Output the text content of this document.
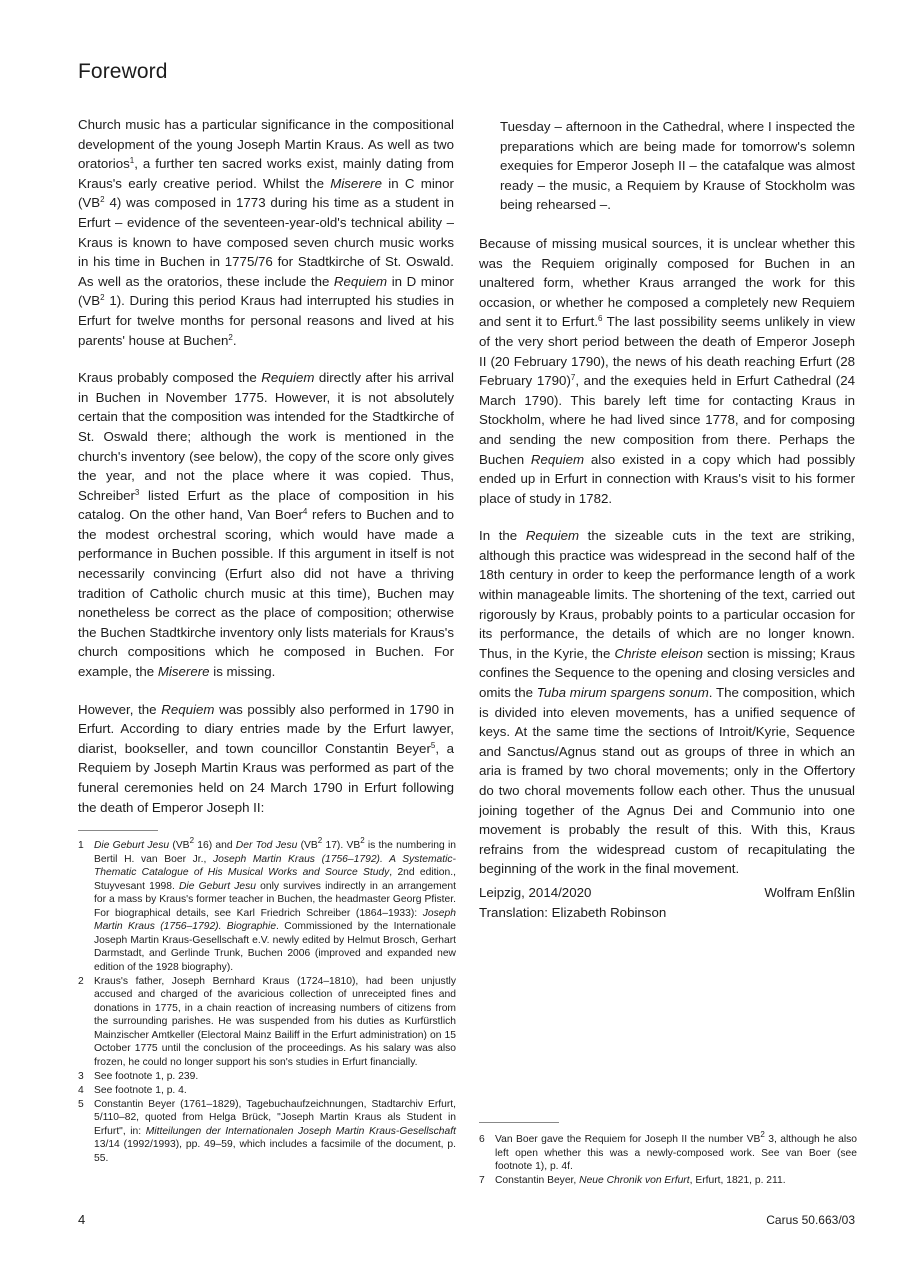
Foreword

Church music has a particular significance in the compositional development of the young Joseph Martin Kraus. As well as two oratorios$^1$, a further ten sacred works exist, mainly dating from Kraus's early creative period. Whilst the Miserere in C minor ($VB^2$ 4) was composed in 1773 during his time as a student in Erfurt – evidence of the seventeen-year-old's technical ability – Kraus is known to have composed seven church music works in his time in Buchen in 1775/76 for Stadtkirche of St. Oswald. As well as the oratorios, these include the Requiem in D minor ($VB^2$ 1). During this period Kraus had interrupted his studies in Erfurt for twelve months for personal reasons and lived at his parents' house at Buchen$^2$.

Kraus probably composed the Requiem directly after his arrival in Buchen in November 1775. However, it is not absolutely certain that the composition was intended for the Stadtkirche of St. Oswald there; although the work is mentioned in the church's inventory (see below), the copy of the score only gives the year, and not the place where it was copied. Thus, Schreiber$^3$ listed Erfurt as the place of composition in his catalog. On the other hand, Van Boer$^4$ refers to Buchen and to the modest orchestral scoring, which would have made a performance in Buchen possible. If this argument in itself is not necessarily convincing (Erfurt also did not have a thriving tradition of Catholic church music at this time), Buchen may nonetheless be correct as the place of composition; otherwise the Buchen Stadtkirche inventory only lists materials for Kraus's church compositions which he composed in Buchen. For example, the Miserere is missing.

However, the Requiem was possibly also performed in 1790 in Erfurt. According to diary entries made by the Erfurt lawyer, diarist, bookseller, and town councillor Constantin Beyer$^5$, a Requiem by Joseph Martin Kraus was performed as part of the funeral ceremonies held on 24 March 1790 in Erfurt following the death of Emperor Joseph II:

Tuesday – afternoon in the Cathedral, where I inspected the preparations which are being made for tomorrow's solemn exequies for Emperor Joseph II – the catafalque was almost ready – the music, a Requiem by Krause of Stockholm was being rehearsed –.

Because of missing musical sources, it is unclear whether this was the Requiem originally composed for Buchen in an unaltered form, whether Kraus arranged the work for this occasion, or whether he composed a completely new Requiem and sent it to Erfurt.$^6$ The last possibility seems unlikely in view of the very short period between the death of Emperor Joseph II (20 February 1790), the news of his death reaching Erfurt (28 February 1790)$^7$, and the exequies held in Erfurt Cathedral (24 March 1790). This barely left time for contacting Kraus in Stockholm, where he had lived since 1778, and for composing and sending the new composition from there. Perhaps the Buchen Requiem also existed in a copy which had possibly ended up in Erfurt in connection with Kraus's visit to his former place of study in 1782.

In the Requiem the sizeable cuts in the text are striking, although this practice was widespread in the second half of the 18th century in order to keep the performance length of a work within manageable limits. The shortening of the text, carried out rigorously by Kraus, probably points to a particular occasion for its performance, the details of which are no longer known. Thus, in the Kyrie, the Christe eleison section is missing; Kraus confines the Sequence to the opening and closing versicles and omits the Tuba mirum spargens sonum. The composition, which is divided into eleven movements, has a unified sequence of keys. At the same time the sections of Introit/Kyrie, Sequence and Sanctus/Agnus stand out as groups of three in which an aria is framed by two choral movements; only in the Offertory do two choral movements follow each other. Thus the unusual joining together of the Agnus Dei and Communio into one movement is probably the result of this. With this, Kraus refrains from the widespread custom of recapitulating the beginning of the work in the final movement.

Leipzig, 2014/2020	Wolfram Enßlin
Translation: Elizabeth Robinson
1 Die Geburt Jesu ($VB^2$ 16) and Der Tod Jesu ($VB^2$ 17). $VB^2$ is the numbering in Bertil H. van Boer Jr., Joseph Martin Kraus (1756–1792). A Systematic-Thematic Catalogue of His Musical Works and Source Study, 2nd edition., Stuyvesant 1998. Die Geburt Jesu only survives indirectly in an arrangement for a mass by Kraus's former teacher in Buchen, the headmaster Georg Pfister. For biographical details, see Karl Friedrich Schreiber (1864–1933): Joseph Martin Kraus (1756–1792). Biographie. Commissioned by the Internationale Joseph Martin Kraus-Gesellschaft e.V. newly edited by Helmut Brosch, Gerhart Darmstadt, and Gerlinde Trunk, Buchen 2006 (improved and expanded new edition of the 1928 biography).
2 Kraus's father, Joseph Bernhard Kraus (1724–1810), had been unjustly accused and charged of the avaricious collection of unreceipted fines and donations in 1775, in a chain reaction of increasing numbers of citizens from the surrounding parishes. He was suspended from his duties as Kurfürstlich Mainzischer Amtkeller (Electoral Mainz Bailiff in the Erfurt administration) on 15 October 1775 until the conclusion of the proceedings. As his salary was also frozen, he could no longer support his son's studies in Erfurt financially.
3 See footnote 1, p. 239.
4 See footnote 1, p. 4.
5 Constantin Beyer (1761–1829), Tagebuchaufzeichnungen, Stadtarchiv Erfurt, 5/110–82, quoted from Helga Brück, "Joseph Martin Kraus als Student in Erfurt", in: Mitteilungen der Internationalen Joseph Martin Kraus-Gesellschaft 13/14 (1992/1993), pp. 49–59, which includes a facsimile of the document, p. 55.
6 Van Boer gave the Requiem for Joseph II the number $VB^2$ 3, although he also left open whether this was a newly-composed work. See van Boer (see footnote 1), p. 4f.
7 Constantin Beyer, Neue Chronik von Erfurt, Erfurt, 1821, p. 211.
4	Carus 50.663/03
